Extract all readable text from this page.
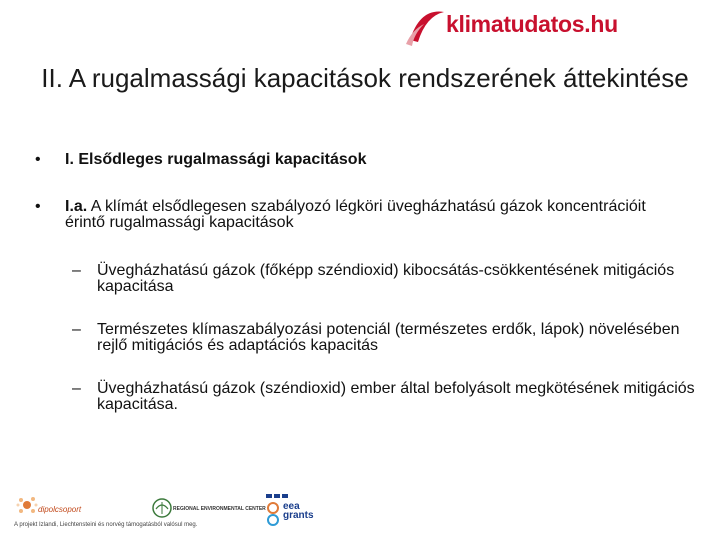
klimatudatos.hu
II. A rugalmassági kapacitások rendszerének áttekintése
• I. Elsődleges rugalmassági kapacitások
• I.a. A klímát elsődlegesen szabályozó légköri üvegházhatású gázok koncentrációit érintő rugalmassági kapacitások
– Üvegházhatású gázok (főképp széndioxid) kibocsátás-csökkentésének mitigációs kapacitása
– Természetes klímaszabályozási potenciál (természetes erdők, lápok) növelésében rejlő mitigációs és adaptációs kapacitás
– Üvegházhatású gázok (széndioxid) ember által befolyásolt megkötésének mitigációs kapacitása.
dipolcsoport	REGIONAL ENVIRONMENTAL CENTER eea
grants
A projekt Izlandi, Liechtensteini és norvég támogatásból valósul meg.
